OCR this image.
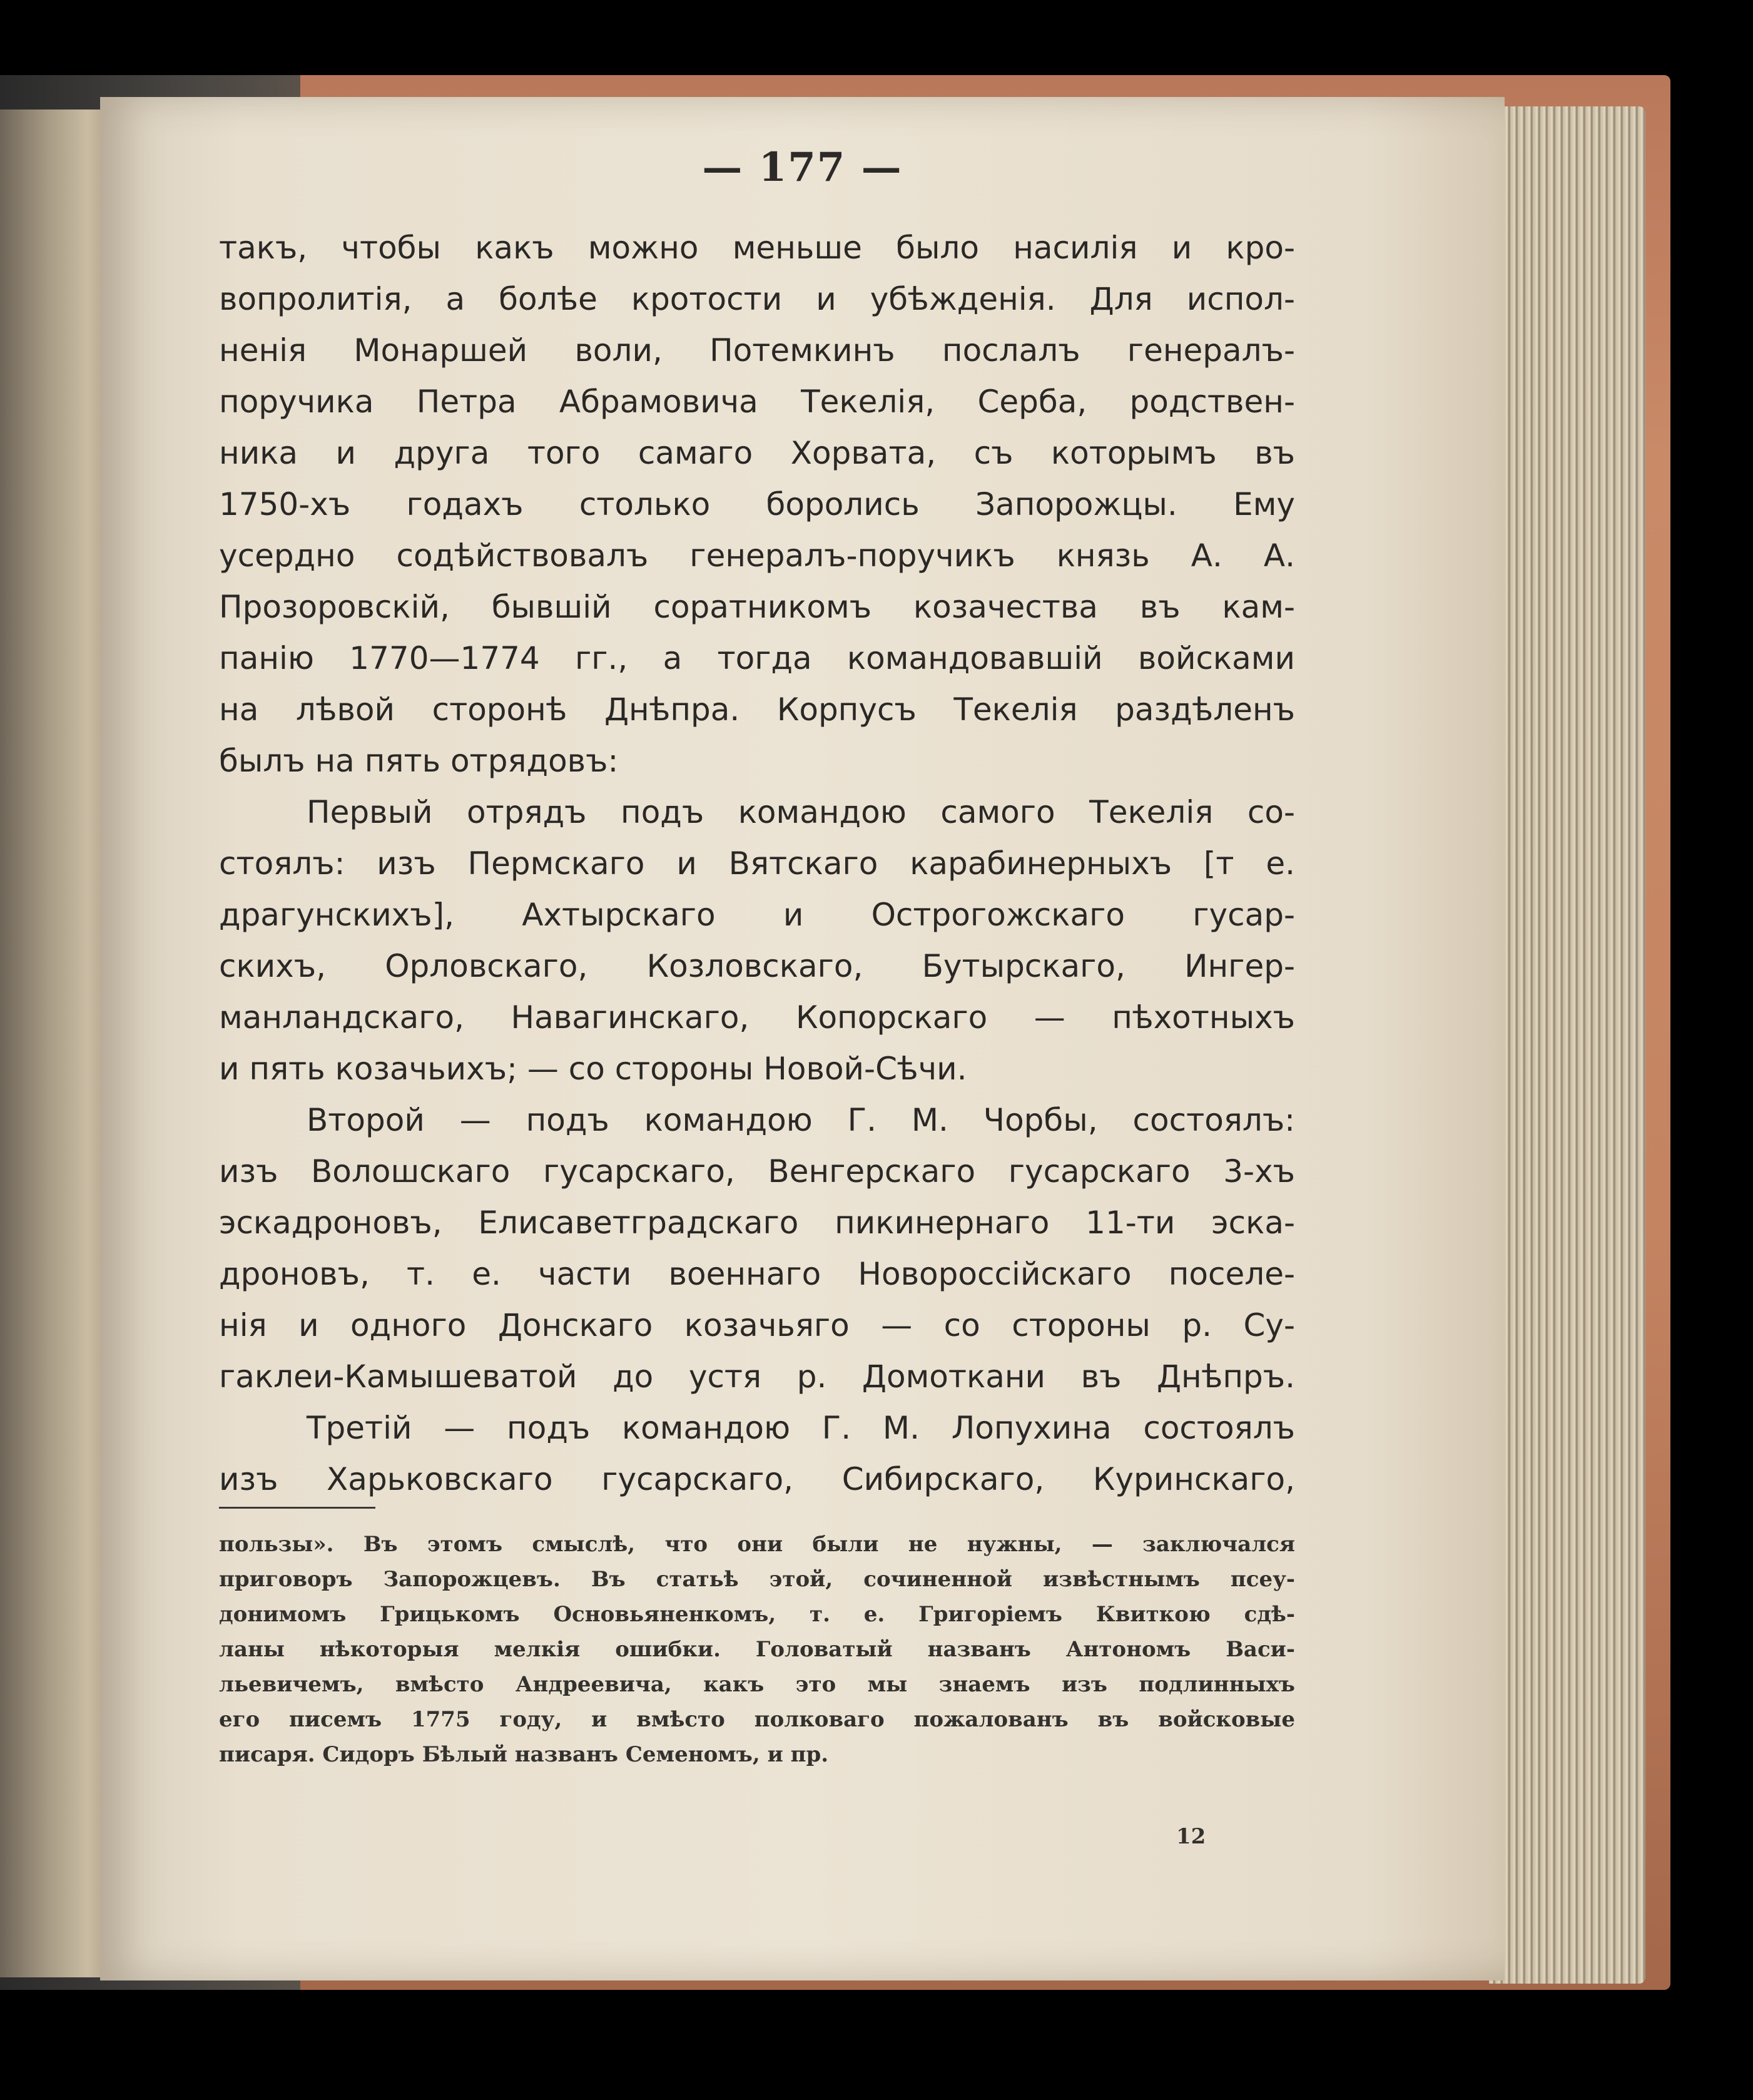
— 177 —
такъ, чтобы какъ можно меньше было насилія и кро-
вопролитія, а болѣе кротости и убѣжденія. Для испол-
ненія Монаршей воли, Потемкинъ послалъ генералъ-
поручика Петра Абрамовича Текелія, Серба, родствен-
ника и друга того самаго Хорвата, съ которымъ въ
1750-хъ годахъ столько боролись Запорожцы. Ему
усердно содѣйствовалъ генералъ-поручикъ князь А. А.
Прозоровскій, бывшій соратникомъ козачества въ кам-
панію 1770—1774 гг., а тогда командовавшій войсками
на лѣвой сторонѣ Днѣпра. Корпусъ Текелія раздѣленъ
былъ на пять отрядовъ:
Первый отрядъ подъ командою самого Текелія со-
стоялъ: изъ Пермскаго и Вятскаго карабинерныхъ [т е.
драгунскихъ], Ахтырскаго и Острогожскаго гусар-
скихъ, Орловскаго, Козловскаго, Бутырскаго, Ингер-
манландскаго, Навагинскаго, Копорскаго — пѣхотныхъ
и пять козачьихъ; — со стороны Новой-Сѣчи.
Второй — подъ командою Г. М. Чорбы, состоялъ:
изъ Волошскаго гусарскаго, Венгерскаго гусарскаго 3-хъ
эскадроновъ, Елисаветградскаго пикинернаго 11-ти эска-
дроновъ, т. е. части военнаго Новороссійскаго поселе-
нія и одного Донскаго козачьяго — со стороны р. Су-
гаклеи-Камышеватой до устя р. Домоткани въ Днѣпръ.
Третій — подъ командою Г. М. Лопухина состоялъ
изъ Харьковскаго гусарскаго, Сибирскаго, Куринскаго,
пользы». Въ этомъ смыслѣ, что они были не нужны, — заключался
приговоръ Запорожцевъ. Въ статьѣ этой, сочиненной извѣстнымъ псеу-
донимомъ Грицькомъ Основьяненкомъ, т. е. Григоріемъ Квиткою сдѣ-
ланы нѣкоторыя мелкія ошибки. Головатый названъ Антономъ Васи-
льевичемъ, вмѣсто Андреевича, какъ это мы знаемъ изъ подлинныхъ
его писемъ 1775 году, и вмѣсто полковаго пожалованъ въ войсковые
писаря. Сидоръ Бѣлый названъ Семеномъ, и пр.
12
